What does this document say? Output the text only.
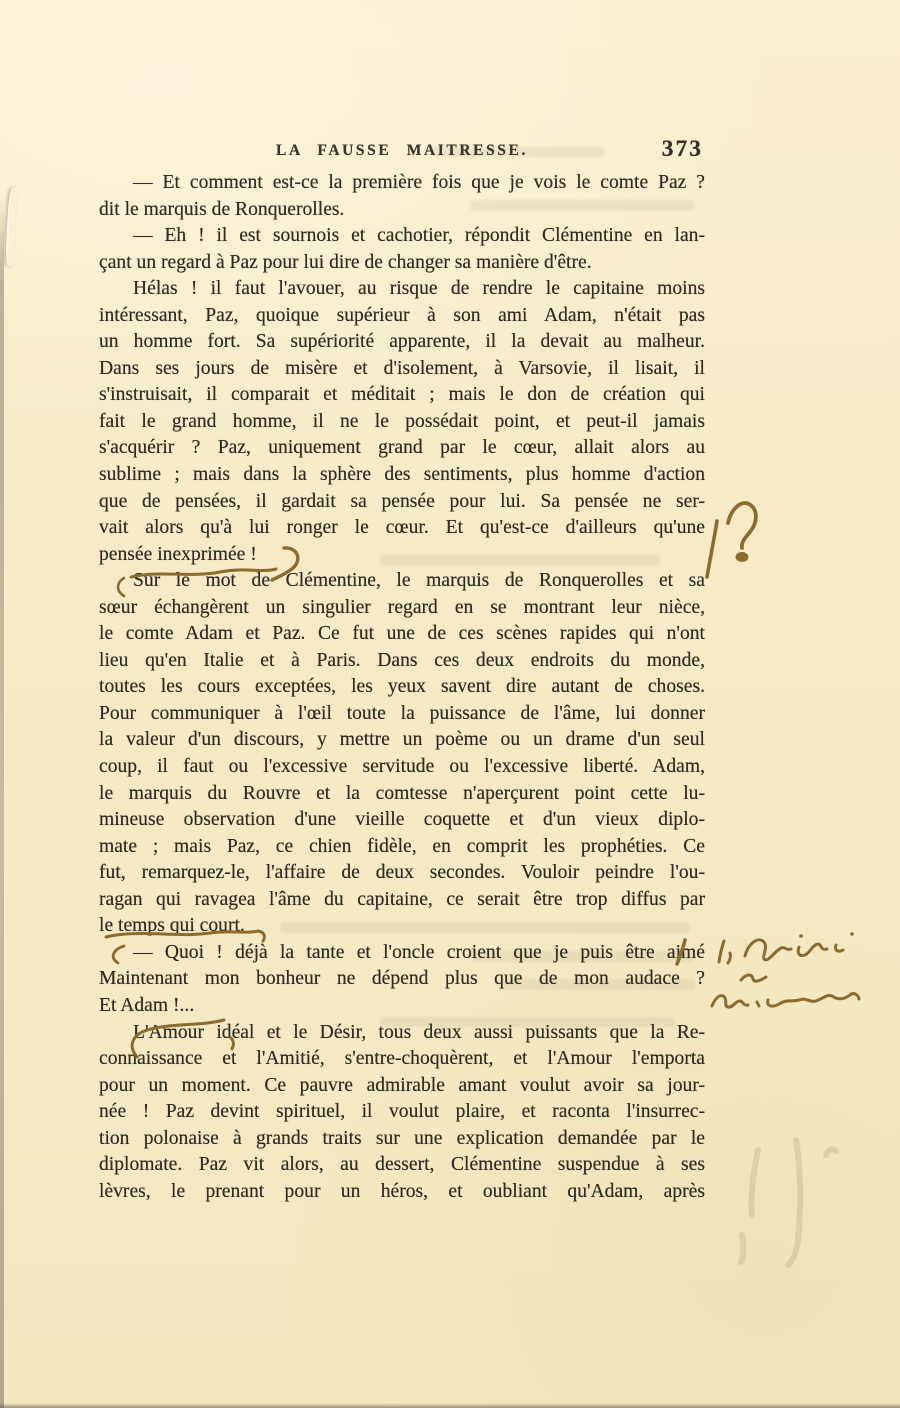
LA FAUSSE MAITRESSE.	373
— Et comment est-ce la première fois que je vois le comte Paz ?
dit le marquis de Ronquerolles.
— Eh ! il est sournois et cachotier, répondit Clémentine en lan-
çant un regard à Paz pour lui dire de changer sa manière d'être.
Hélas ! il faut l'avouer, au risque de rendre le capitaine moins
intéressant, Paz, quoique supérieur à son ami Adam, n'était pas
un homme fort. Sa supériorité apparente, il la devait au malheur.
Dans ses jours de misère et d'isolement, à Varsovie, il lisait, il
s'instruisait, il comparait et méditait ; mais le don de création qui
fait le grand homme, il ne le possédait point, et peut-il jamais
s'acquérir ? Paz, uniquement grand par le cœur, allait alors au
sublime ; mais dans la sphère des sentiments, plus homme d'action
que de pensées, il gardait sa pensée pour lui. Sa pensée ne ser-
vait alors qu'à lui ronger le cœur. Et qu'est-ce d'ailleurs qu'une
pensée inexprimée !
Sur le mot de Clémentine, le marquis de Ronquerolles et sa
sœur échangèrent un singulier regard en se montrant leur nièce,
le comte Adam et Paz. Ce fut une de ces scènes rapides qui n'ont
lieu qu'en Italie et à Paris. Dans ces deux endroits du monde,
toutes les cours exceptées, les yeux savent dire autant de choses.
Pour communiquer à l'œil toute la puissance de l'âme, lui donner
la valeur d'un discours, y mettre un poème ou un drame d'un seul
coup, il faut ou l'excessive servitude ou l'excessive liberté. Adam,
le marquis du Rouvre et la comtesse n'aperçurent point cette lu-
mineuse observation d'une vieille coquette et d'un vieux diplo-
mate ; mais Paz, ce chien fidèle, en comprit les prophéties. Ce
fut, remarquez-le, l'affaire de deux secondes. Vouloir peindre l'ou-
ragan qui ravagea l'âme du capitaine, ce serait être trop diffus par
le temps qui court.
— Quoi ! déjà la tante et l'oncle croient que je puis être aimé
Maintenant mon bonheur ne dépend plus que de mon audace ?
Et Adam !...
L'Amour idéal et le Désir, tous deux aussi puissants que la Re-
connaissance et l'Amitié, s'entre-choquèrent, et l'Amour l'emporta
pour un moment. Ce pauvre admirable amant voulut avoir sa jour-
née ! Paz devint spirituel, il voulut plaire, et raconta l'insurrec-
tion polonaise à grands traits sur une explication demandée par le
diplomate. Paz vit alors, au dessert, Clémentine suspendue à ses
lèvres, le prenant pour un héros, et oubliant qu'Adam, après
